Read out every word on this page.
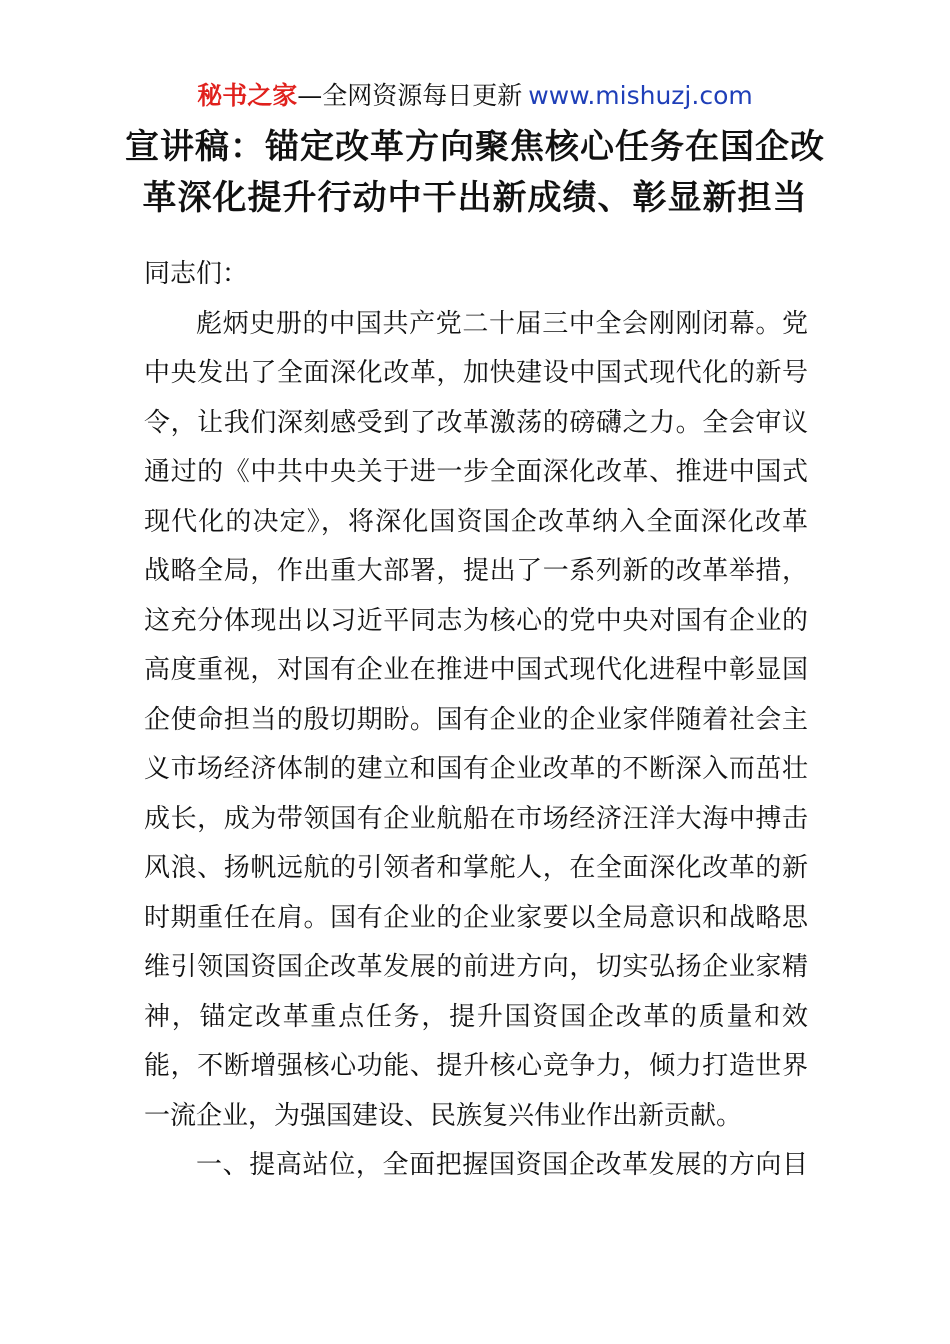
秘书之家—全网资源每日更新 www.mishuzj.com
宣讲稿：锚定改革方向聚焦核心任务在国企改
革深化提升行动中干出新成绩、彰显新担当

同志们：

彪炳史册的中国共产党二十届三中全会刚刚闭幕。党
中央发出了全面深化改革，加快建设中国式现代化的新号
令，让我们深刻感受到了改革激荡的磅礴之力。全会审议
通过的《中共中央关于进一步全面深化改革、推进中国式
现代化的决定》，将深化国资国企改革纳入全面深化改革
战略全局，作出重大部署，提出了一系列新的改革举措，
这充分体现出以习近平同志为核心的党中央对国有企业的
高度重视，对国有企业在推进中国式现代化进程中彰显国
企使命担当的殷切期盼。国有企业的企业家伴随着社会主
义市场经济体制的建立和国有企业改革的不断深入而茁壮
成长，成为带领国有企业航船在市场经济汪洋大海中搏击
风浪、扬帆远航的引领者和掌舵人，在全面深化改革的新
时期重任在肩。国有企业的企业家要以全局意识和战略思
维引领国资国企改革发展的前进方向，切实弘扬企业家精
神，锚定改革重点任务，提升国资国企改革的质量和效
能，不断增强核心功能、提升核心竞争力，倾力打造世界
一流企业，为强国建设、民族复兴伟业作出新贡献。

一、提高站位，全面把握国资国企改革发展的方向目
